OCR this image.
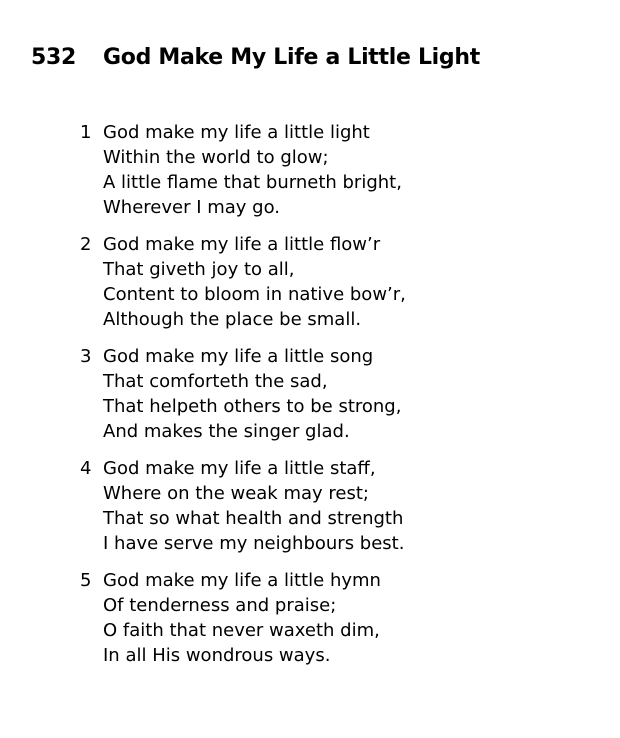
532	God Make My Life a Little Light
1 God make my life a little light
Within the world to glow;
A little flame that burneth bright,
Wherever I may go.
2 God make my life a little flow’r
That giveth joy to all,
Content to bloom in native bow’r,
Although the place be small.
3 God make my life a little song
That comforteth the sad,
That helpeth others to be strong,
And makes the singer glad.
4 God make my life a little staff,
Where on the weak may rest;
That so what health and strength
I have serve my neighbours best.
5 God make my life a little hymn
Of tenderness and praise;
O faith that never waxeth dim,
In all His wondrous ways.
